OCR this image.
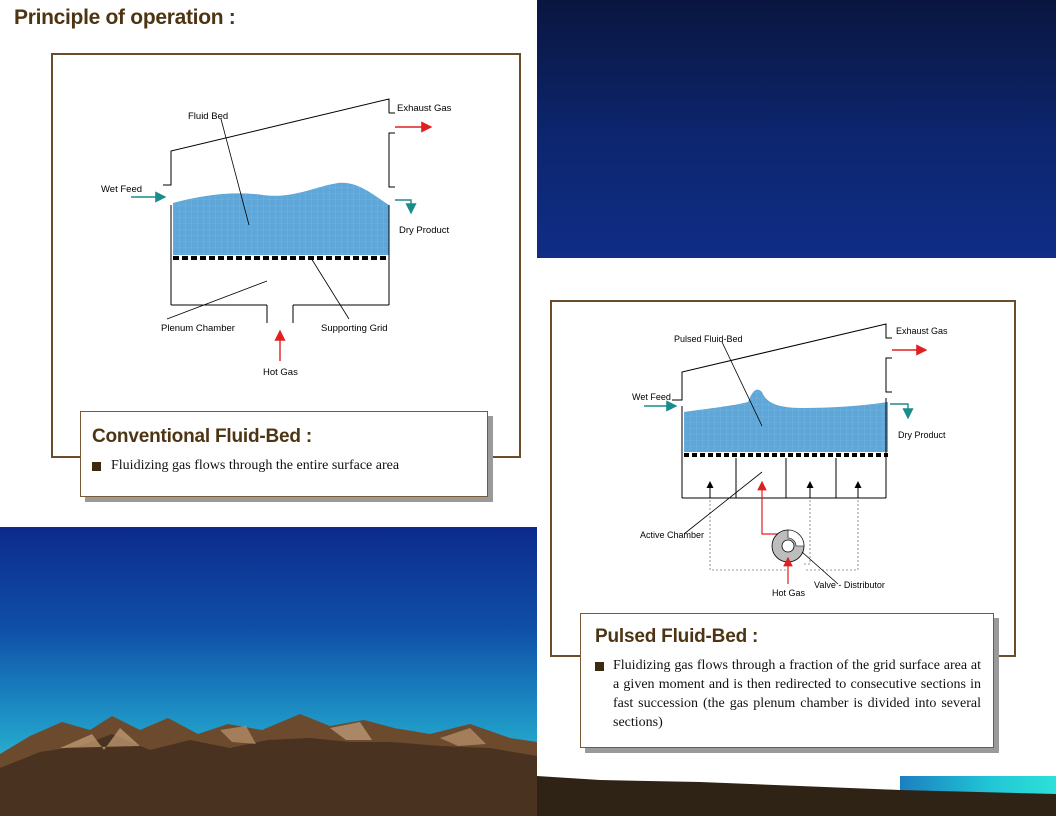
Principle of operation :
Fluid Bed
Exhaust Gas
Wet Feed
Dry Product
Plenum Chamber	Supporting Grid
Hot Gas
Conventional Fluid-Bed :
Fluidizing gas flows through the entire surface area
Pulsed Fluid-Bed
Exhaust Gas
Wet Feed
Dry Product
Active Chamber
Hot Gas
Valve - Distributor
Pulsed Fluid-Bed :
Fluidizing gas flows through a fraction of the grid surface area at a given moment and is then redirected to consecutive sections in fast succession (the gas plenum chamber is divided into several sections)
